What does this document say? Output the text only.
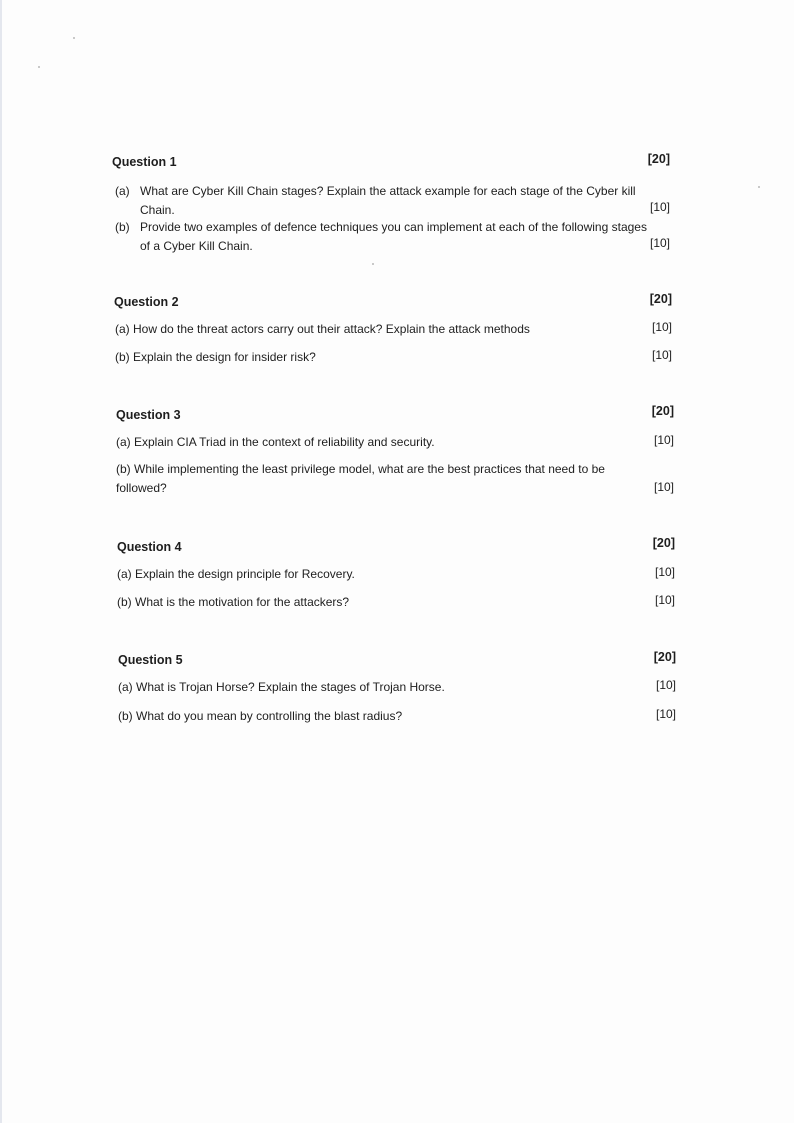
Question 1	[20]
(a) What are Cyber Kill Chain stages? Explain the attack example for each stage of the Cyber kill
Chain.	[10]
(b) Provide two examples of defence techniques you can implement at each of the following stages
of a Cyber Kill Chain.	[10]
Question 2	[20]
(a) How do the threat actors carry out their attack? Explain the attack methods	[10]
(b) Explain the design for insider risk?	[10]
Question 3	[20]
(a) Explain CIA Triad in the context of reliability and security.	[10]
(b) While implementing the least privilege model, what are the best practices that need to be
followed?	[10]
Question 4	[20]
(a) Explain the design principle for Recovery.	[10]
(b) What is the motivation for the attackers?	[10]
Question 5	[20]
(a) What is Trojan Horse? Explain the stages of Trojan Horse.	[10]
(b) What do you mean by controlling the blast radius?	[10]
